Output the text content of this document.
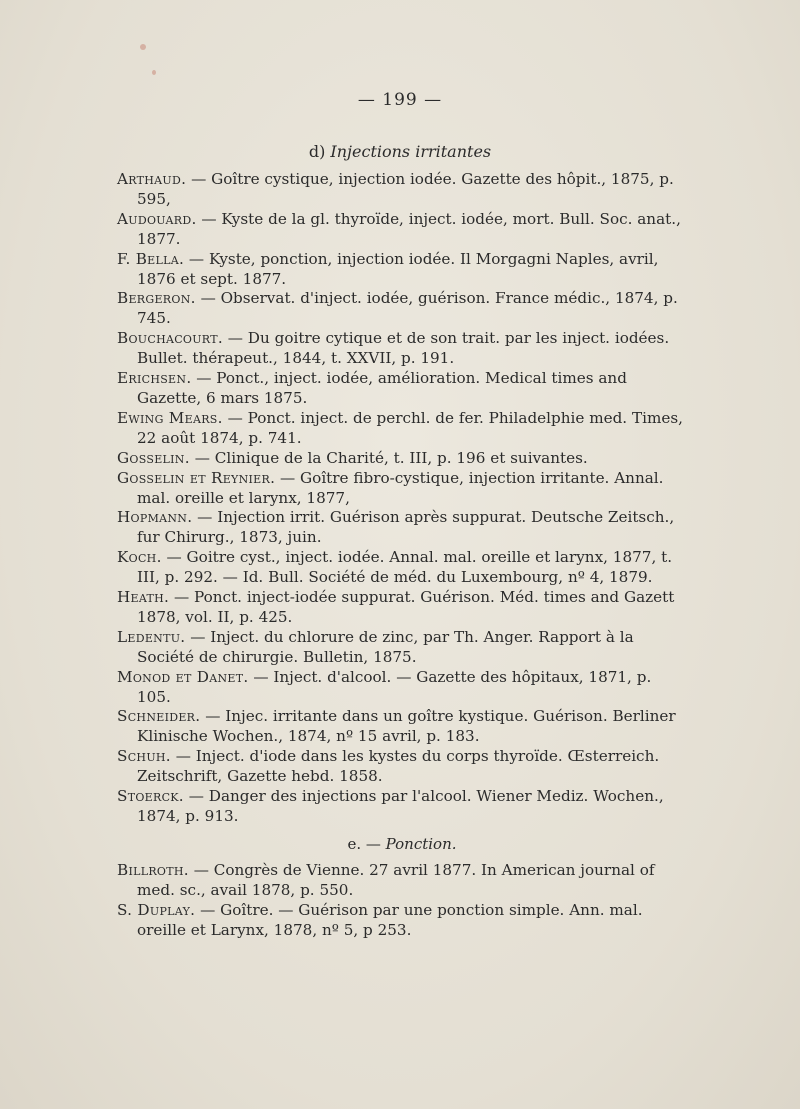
— 199 —
d) Injections irritantes

Arthaud. — Goître cystique, injection iodée. Gazette des hôpit., 1875, p. 595,

Audouard. — Kyste de la gl. thyroïde, inject. iodée, mort. Bull. Soc. anat., 1877.

F. Bella. — Kyste, ponction, injection iodée. Il Morgagni Naples, avril, 1876 et sept. 1877.

Bergeron. — Observat. d'inject. iodée, guérison. France médic., 1874, p. 745.

Bouchacourt. — Du goitre cytique et de son trait. par les inject. iodées. Bullet. thérapeut., 1844, t. XXVII, p. 191.

Erichsen. — Ponct., inject. iodée, amélioration. Medical times and Gazette, 6 mars 1875.

Ewing Mears. — Ponct. inject. de perchl. de fer. Philadelphie med. Times, 22 août 1874, p. 741.

Gosselin. — Clinique de la Charité, t. III, p. 196 et suivantes.

Gosselin et Reynier. — Goître fibro-cystique, injection irritante. Annal. mal. oreille et larynx, 1877,

Hopmann. — Injection irrit. Guérison après suppurat. Deutsche Zeitsch., fur Chirurg., 1873, juin.

Koch. — Goitre cyst., inject. iodée. Annal. mal. oreille et larynx, 1877, t. III, p. 292. — Id. Bull. Société de méd. du Luxembourg, nº 4, 1879.

Heath. — Ponct. inject-iodée suppurat. Guérison. Méd. times and Gazett 1878, vol. II, p. 425.

Ledentu. — Inject. du chlorure de zinc, par Th. Anger. Rapport à la Société de chirurgie. Bulletin, 1875.

Monod et Danet. — Inject. d'alcool. — Gazette des hôpitaux, 1871, p. 105.

Schneider. — Injec. irritante dans un goître kystique. Guérison. Berliner Klinische Wochen., 1874, nº 15 avril, p. 183.

Schuh. — Inject. d'iode dans les kystes du corps thyroïde. Œsterreich. Zeitschrift, Gazette hebd. 1858.

Stoerck. — Danger des injections par l'alcool. Wiener Mediz. Wochen., 1874, p. 913.

e. — Ponction.

Billroth. — Congrès de Vienne. 27 avril 1877. In American journal of med. sc., avail 1878, p. 550.

S. Duplay. — Goître. — Guérison par une ponction simple. Ann. mal. oreille et Larynx, 1878, nº 5, p 253.
